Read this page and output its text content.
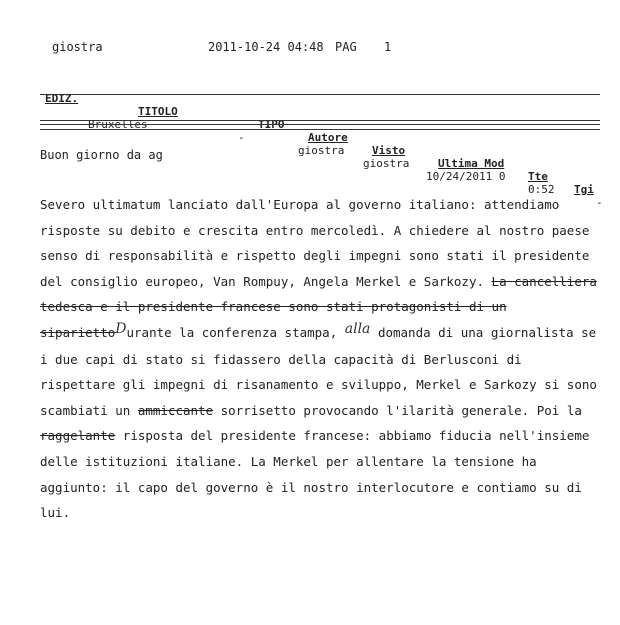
giostra	2011-10-24 04:48 PAG 1

EDIZ.

TITOLO

TIPO

Autore

Visto

Ultima Mod

Tte

Tgi

Bruxelles

-

giostra

giostra

10/24/2011 0

0:52

-

Buon giorno da ag

Severo ultimatum lanciato dall'Europa al governo italiano: attendiamo risposte su debito e crescita entro mercoledì. A chiedere al nostro paese senso di responsabilità e rispetto degli impegni sono stati il presidente del consiglio europeo, Van Rompuy, Angela Merkel e Sarkozy. La cancelliera tedesca e il presidente francese sono stati protagonisti di un sipariettoDurante la conferenza stampa, alla domanda di una giornalista se i due capi di stato si fidassero della capacità di Berlusconi di rispettare gli impegni di risanamento e sviluppo, Merkel e Sarkozy si sono scambiati un ammiccante sorrisetto provocando l'ilarità generale. Poi la raggelante risposta del presidente francese: abbiamo fiducia nell'insieme delle istituzioni italiane. La Merkel per allentare la tensione ha aggiunto: il capo del governo è il nostro interlocutore e contiamo su di lui.
